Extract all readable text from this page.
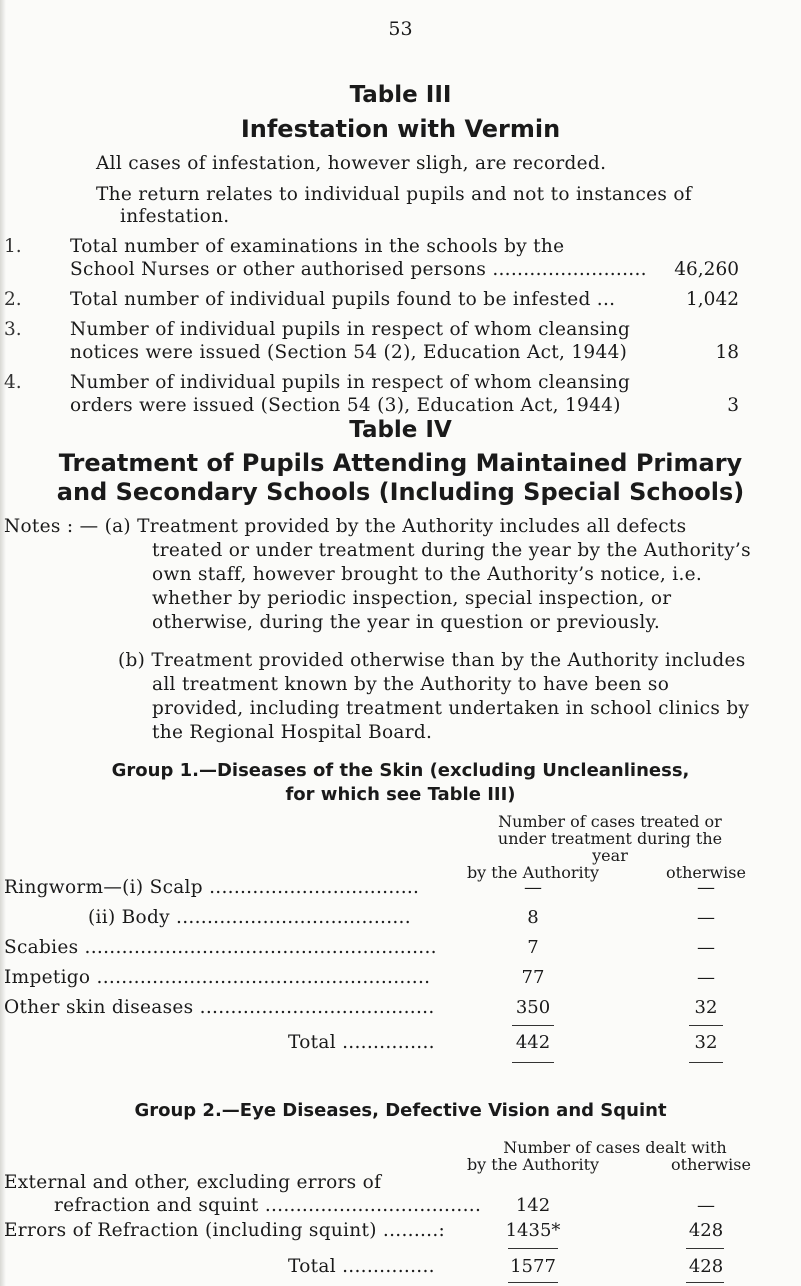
53
Table III
Infestation with Vermin
All cases of infestation, however sligh, are recorded.
The return relates to individual pupils and not to instances of
infestation.
1.	Total number of examinations in the schools by the
School Nurses or other authorised persons ......................... 46,260
2.	Total number of individual pupils found to be infested ...	1,042
3.	Number of individual pupils in respect of whom cleansing
notices were issued (Section 54 (2), Education Act, 1944)	18
4.	Number of individual pupils in respect of whom cleansing
orders were issued (Section 54 (3), Education Act, 1944)	3
Table IV
Treatment of Pupils Attending Maintained Primary
and Secondary Schools (Including Special Schools)
Notes : — (a) Treatment provided by the Authority includes all defects
treated or under treatment during the year by the Authority’s
own staff, however brought to the Authority’s notice, i.e.
whether by periodic inspection, special inspection, or
otherwise, during the year in question or previously.
(b) Treatment provided otherwise than by the Authority includes
all treatment known by the Authority to have been so
provided, including treatment undertaken in school clinics by
the Regional Hospital Board.
Group 1.—Diseases of the Skin (excluding Uncleanliness,
for which see Table III)
Number of cases treated or
under treatment during the
year
by the Authority	otherwise
Ringworm—(i) Scalp ..................................	—	—
(ii) Body ......................................	8	—
Scabies .........................................................	7	—
Impetigo ......................................................	77	—
Other skin diseases ......................................	350	32
Total ...............	442	32
Group 2.—Eye Diseases, Defective Vision and Squint
Number of cases dealt with
by the Authority	otherwise
External and other, excluding errors of
refraction and squint ...................................	142	—
Errors of Refraction (including squint) .........:	1435*	428
Total ...............	1577	428
